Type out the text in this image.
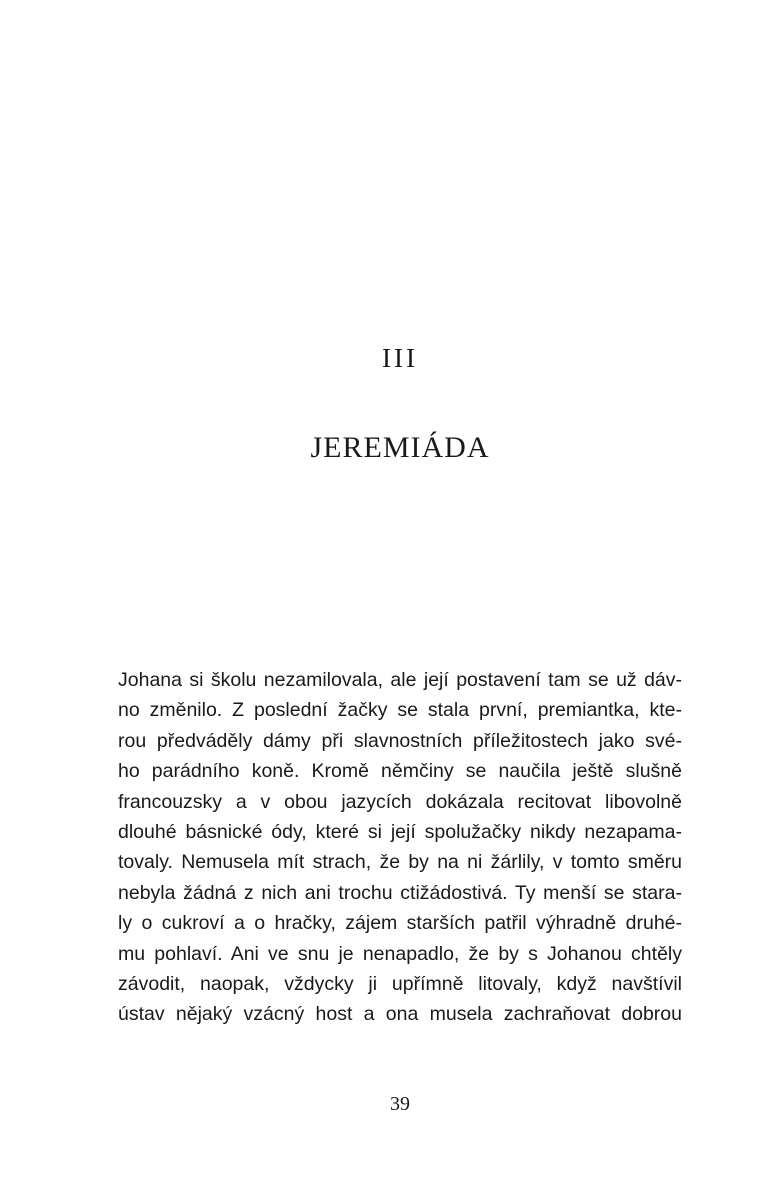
III
JEREMIÁDA
Johana si školu nezamilovala, ale její postavení tam se už dáv-
no změnilo. Z poslední žačky se stala první, premiantka, kte-
rou předváděly dámy při slavnostních příležitostech jako své-
ho parádního koně. Kromě němčiny se naučila ještě slušně
francouzsky a v obou jazycích dokázala recitovat libovolně
dlouhé básnické ódy, které si její spolužačky nikdy nezapama-
tovaly. Nemusela mít strach, že by na ni žárlily, v tomto směru
nebyla žádná z nich ani trochu ctižádostivá. Ty menší se stara-
ly o cukroví a o hračky, zájem starších patřil výhradně druhé-
mu pohlaví. Ani ve snu je nenapadlo, že by s Johanou chtěly
závodit, naopak, vždycky ji upřímně litovaly, když navštívil
ústav nějaký vzácný host a ona musela zachraňovat dobrou
39
